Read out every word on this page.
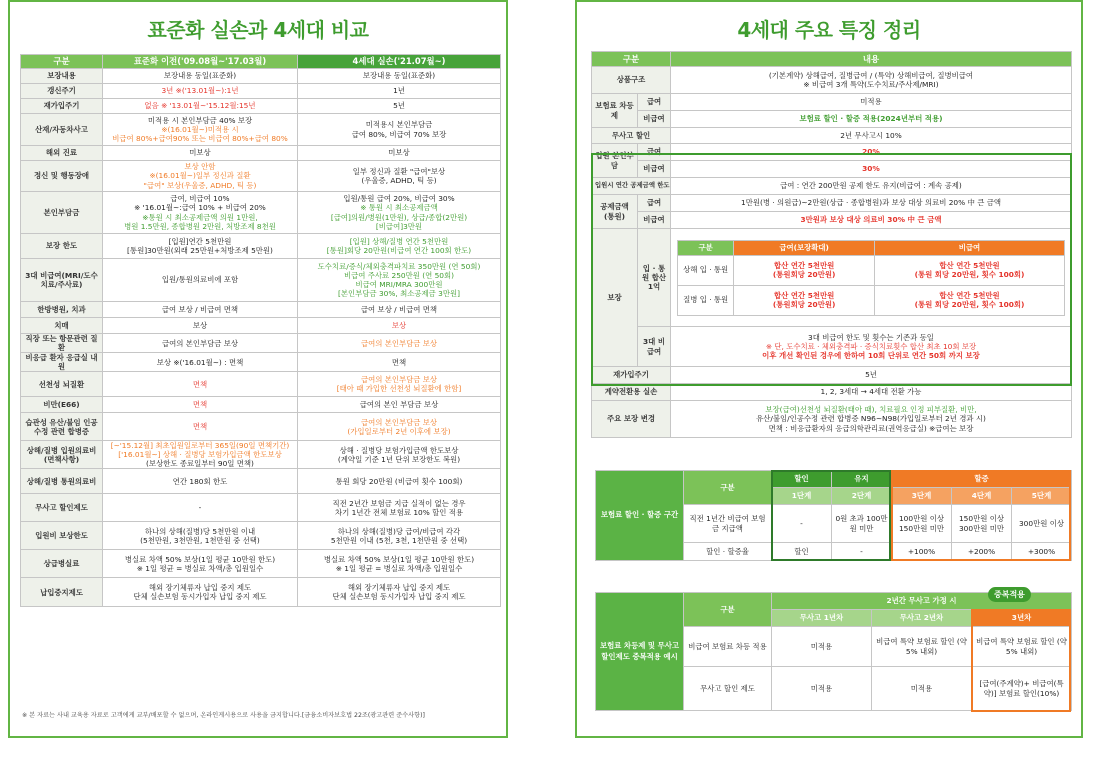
표준화 실손과 4세대 비교
구분	표준화 이전('09.08월~'17.03월)	4세대 실손('21.07월~)
보장내용	보장내용 동일(표준화)	보장내용 동일(표준화)
갱신주기	3년 ※('13.01월~):1년	1년
재가입주기	없음 ※ '13.01월~'15.12월:15년	5년
산재/자동차사고	미적용 시 본인부담금 40% 보장
※(16.01월~)미적용 시
비급여 80%+급여90% 또는 비급여 80%+급여 80%	미적용시 본인부담금
급여 80%, 비급여 70% 보장
해외 진료	미보상	미보상
정신 및 행동장애	보상 안함
※(16.01월~)일부 정신과 질환
"급여" 보상(우울증, ADHD, 틱 등)	일부 정신과 질환 "급여"보상
(우울증, ADHD, 틱 등)
본인부담금	급여, 비급여 10%
※ '16.01월~:급여 10% + 비급여 20%
※통원 시 최소공제금액 의원 1만원,
병원 1.5만원, 종합병원 2만원, 처방조제 8천원	입원/통원 급여 20%, 비급여 30%
※ 통원 시 최소공제금액
[급여]의원/병원(1만원), 상급/종합(2만원)
[비급여]3만원
보장 한도	[입원]연간 5천만원
[통원]30만원(외래 25만원+처방조제 5만원)	[입원] 상해/질병 연간 5천만원
[통원]회당 20만원(비급여 연간 100회 한도)
3대 비급여(MRI/도수치료/주사료)	입원/통원의료비에 포함	도수치료/증식/체외충격파치료 350만원 (연 50회)
비급여 주사료 250만원 (연 50회)
비급여 MRI/MRA 300만원
[본인부담금 30%, 최소공제금 3만원]
한방병원, 치과	급여 보상 / 비급여 면책	급여 보상 / 비급여 면책
치매	보상	보상
직장 또는 항문관련 질환	급여의 본인부담금 보상	급여의 본인부담금 보상
비응급 환자 응급실 내원	보상 ※('16.01월~) : 면책	면책
선천성 뇌질환	면책	급여의 본인부담금 보상
[태아 때 가입한 선천성 뇌질환에 한함]
비만(E66)	면책	급여의 본인 부담금 보상
습관성 유산/불임 인공수정 관련 합병증	면책	급여의 본인부담금 보상
(가입일로부터 2년 이후에 보장)
상해/질병 입원의료비(면책사항)	[~'15.12월] 최초입원일로부터 365일(90일 면책기간)
['16.01월~] 상해 · 질병당 보험가입금액 한도보상
(보상한도 종료일부터 90일 면책)	상해 · 질병당 보험가입금액 한도보상
(계약일 기준 1년 단위 보장한도 복원)
상해/질병 통원의료비	연간 180회 한도	통원 회당 20만원 (비급여 횟수 100회)
무사고 할인제도	-	직전 2년간 보험금 지급 실적이 없는 경우
차기 1년간 전체 보험료 10% 할인 적용
입원비 보상한도	하나의 상해(질병)당 5천만원 이내
(5천만원, 3천만원, 1천만원 중 선택)	하나의 상해(질병)당 급여/비급여 각각
5천만원 이내 (5천, 3천, 1천만원 중 선택)
상급병실료	병실료 차액 50% 보상(1일 평균 10만원 한도)
※ 1일 평균 = 병실료 차액/총 입원일수	병실료 차액 50% 보상(1일 평균 10만원 한도)
※ 1일 평균 = 병실료 차액/총 입원일수
납입중지제도	해외 장기체류자 납입 중지 제도
단체 실손보험 동시가입자 납입 중지 제도	해외 장기체류자 납입 중지 제도
단체 실손보험 동시가입자 납입 중지 제도
※ 본 자료는 사내 교육용 자료로 고객에게 교부/배포할 수 없으며, 온라인게시용으로 사용을 금지합니다.[금융소비자보호법 22조(광고관련 준수사항)]
4세대 주요 특징 정리
구분	내용
상품구조	(기본계약) 상해급여, 질병급여 / (특약) 상해비급여, 질병비급여
※ 비급여 3개 특약(도수치료/주사제/MRI)
보험료 차등제	급여	미적용
비급여	보험료 할인 · 할증 적용(2024년부터 적용)
무사고 할인	2년 무사고시 10%
입원 본인부담	급여	20%
비급여	30%
입원시 연간 공제금액 한도	급여 : 연간 200만원 공제 한도 유지(비급여 : 계속 공제)
공제금액(통원)	급여	1만원(병 · 의원급)~2만원(상급 · 종합병원)과 보상 대상 의료비 20% 中 큰 금액
비급여	3만원과 보상 대상 의료비 30% 中 큰 금액
보장	입 · 통원 합산 1억	
구분	급여(보장확대)	비급여
상해 입 · 통원	합산 연간 5천만원
(통원회당 20만원)	합산 연간 5천만원
(통원 회당 20만원, 횟수 100회)
질병 입 · 통원	합산 연간 5천만원
(통원회당 20만원)	합산 연간 5천만원
(통원 회당 20만원, 횟수 100회)

3대 비급여	3대 비급여 한도 및 횟수는 기존과 동일
※ 단, 도수치료 · 체외충격파 · 증식치료횟수 합산 최초 10회 보장
이후 개선 확인된 경우에 한하여 10회 단위로 연간 50회 까지 보장
재가입주기	5년
계약전환용 실손	1, 2, 3세대 → 4세대 전환 가능
주요 보장 변경	보장(급여)선천성 뇌질환(태아 때), 치료필요 인정 피부질환, 비만,
유산/불임/인공수정 관련 합병증 N96~N98(가입일로부터 2년 경과 시)
면책 : 비응급환자의 응급의학관리료(권역응급실) ※급여는 보장
보험료 할인 · 할증 구간	구분	할인	유지	할증		
		1단계	2단계	3단계	4단계	5단계
	직전 1년간 비급여 보험금 지급액	-	0원 초과 100만원 미만	100만원 이상 150만원 미만	150만원 이상 300만원 미만	300만원 이상
	할인 · 할증율	할인	-	+100%	+200%	+300%
보험료 차등제 및 무사고 할인제도 중복적용 예시	구분	2년간 무사고 가정 시		
		무사고 1년차	무사고 2년차	3년차
	비급여 보험료 차등 적용	미적용	비급여 특약 보험료 할인 (약 5% 내외)	비급여 특약 보험료 할인 (약 5% 내외)
	무사고 할인 제도	미적용	미적용	[급여(주계약)+ 비급여(특약)] 보험료 할인(10%)
중복적용
